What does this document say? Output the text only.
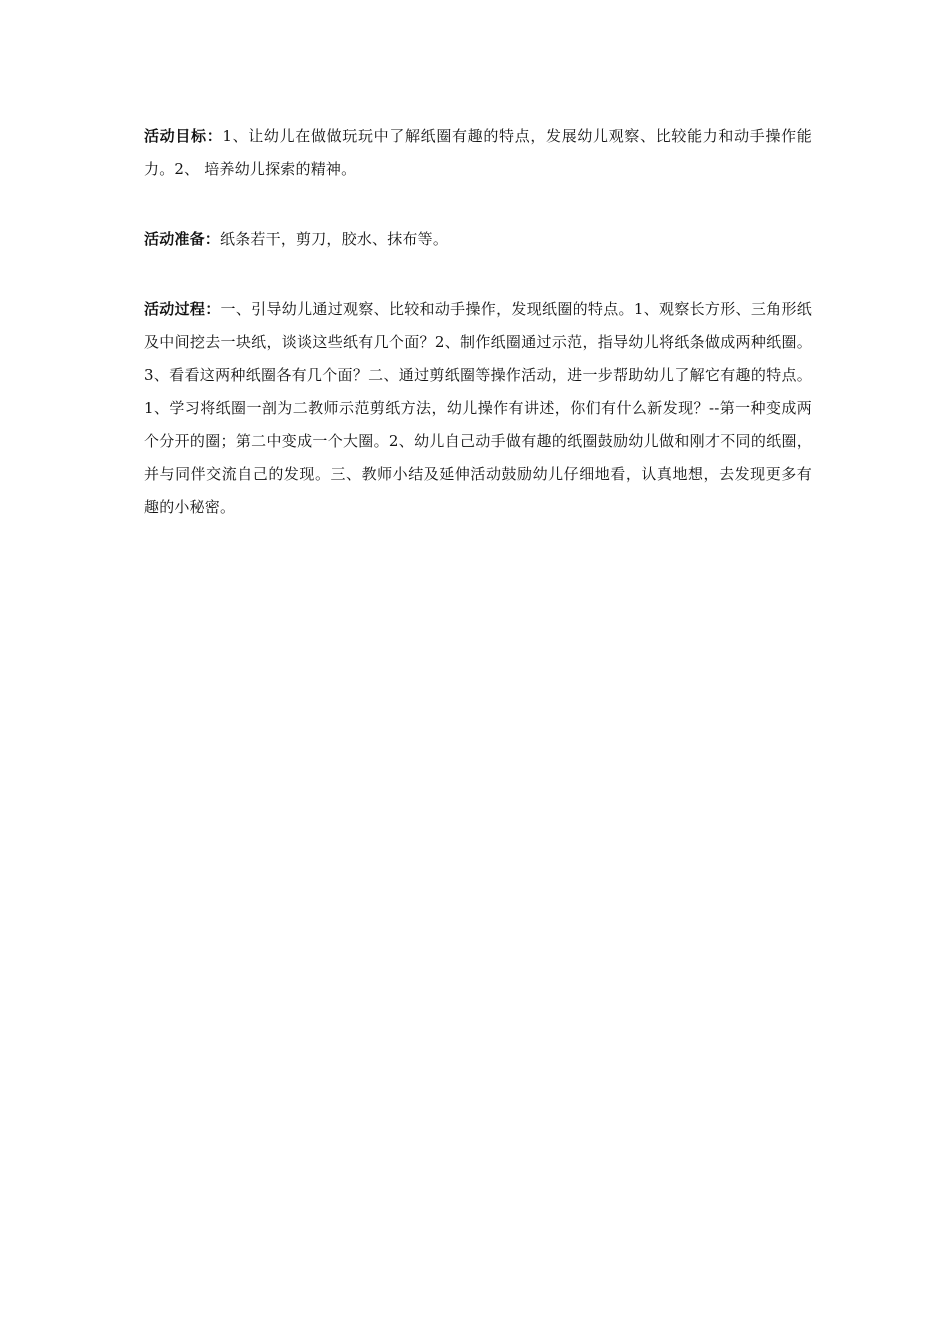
活动目标：1、让幼儿在做做玩玩中了解纸圈有趣的特点，发展幼儿观察、比较能力和动手操作能力。2、 培养幼儿探索的精神。

活动准备：纸条若干，剪刀，胶水、抹布等。

活动过程：一、引导幼儿通过观察、比较和动手操作，发现纸圈的特点。1、观察长方形、三角形纸及中间挖去一块纸，谈谈这些纸有几个面？2、制作纸圈通过示范，指导幼儿将纸条做成两种纸圈。3、看看这两种纸圈各有几个面？二、通过剪纸圈等操作活动，进一步帮助幼儿了解它有趣的特点。1、学习将纸圈一剖为二教师示范剪纸方法，幼儿操作有讲述，你们有什么新发现？--第一种变成两个分开的圈；第二中变成一个大圈。2、幼儿自己动手做有趣的纸圈鼓励幼儿做和刚才不同的纸圈，并与同伴交流自己的发现。三、教师小结及延伸活动鼓励幼儿仔细地看，认真地想，去发现更多有趣的小秘密。
